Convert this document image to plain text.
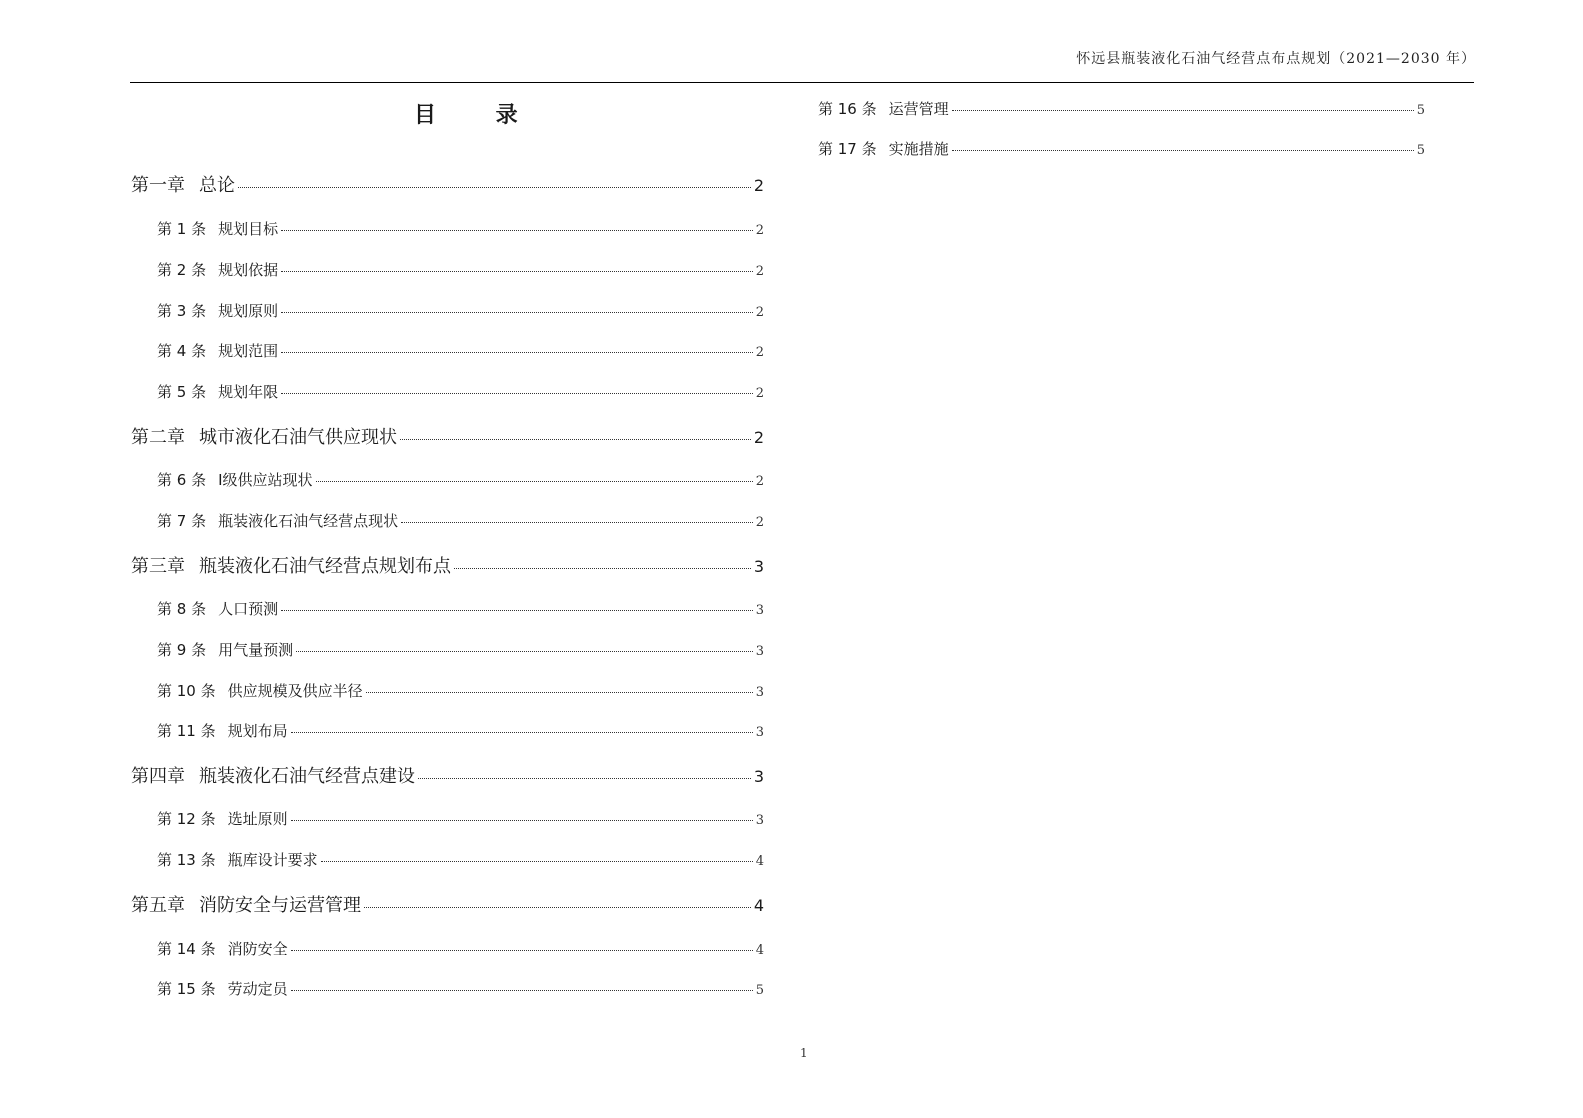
怀远县瓶装液化石油气经营点布点规划（2021—2030 年）
目 录
第一章 总论	2
第 1 条 规划目标	2
第 2 条 规划依据	2
第 3 条 规划原则	2
第 4 条 规划范围	2
第 5 条 规划年限	2
第二章 城市液化石油气供应现状	2
第 6 条 Ⅰ级供应站现状	2
第 7 条 瓶装液化石油气经营点现状	2
第三章 瓶装液化石油气经营点规划布点	3
第 8 条 人口预测	3
第 9 条 用气量预测	3
第 10 条 供应规模及供应半径	3
第 11 条 规划布局	3
第四章 瓶装液化石油气经营点建设	3
第 12 条 选址原则	3
第 13 条 瓶库设计要求	4
第五章 消防安全与运营管理	4
第 14 条 消防安全	4
第 15 条 劳动定员	5
第 16 条 运营管理	5
第 17 条 实施措施	5
1
